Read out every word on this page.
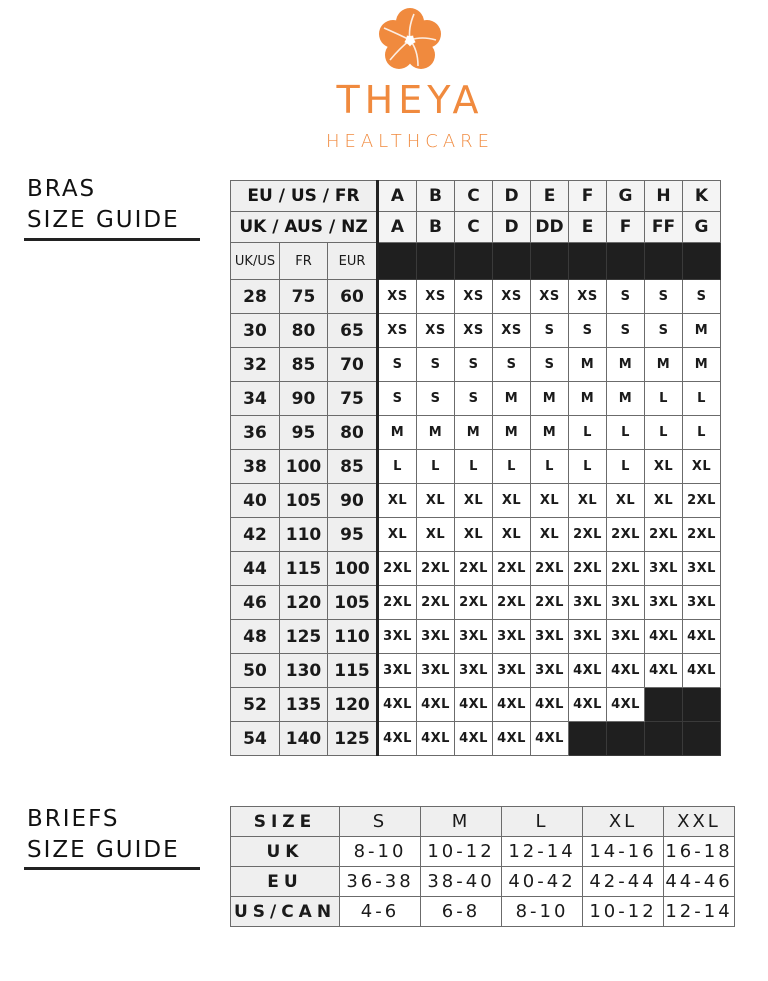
THEYA
HEALTHCARE
BRAS
SIZE GUIDE
EU / US / FR			A	B	C	D	E	F	G	H	K
UK / AUS / NZ			A	B	C	D	DD	E	F	FF	G
UK/US	FR	EUR									
28	75	60	XS	XS	XS	XS	XS	XS	S	S	S
30	80	65	XS	XS	XS	XS	S	S	S	S	M
32	85	70	S	S	S	S	S	M	M	M	M
34	90	75	S	S	S	M	M	M	M	L	L
36	95	80	M	M	M	M	M	L	L	L	L
38	100	85	L	L	L	L	L	L	L	XL	XL
40	105	90	XL	XL	XL	XL	XL	XL	XL	XL	2XL
42	110	95	XL	XL	XL	XL	XL	2XL	2XL	2XL	2XL
44	115	100	2XL	2XL	2XL	2XL	2XL	2XL	2XL	3XL	3XL
46	120	105	2XL	2XL	2XL	2XL	2XL	3XL	3XL	3XL	3XL
48	125	110	3XL	3XL	3XL	3XL	3XL	3XL	3XL	4XL	4XL
50	130	115	3XL	3XL	3XL	3XL	3XL	4XL	4XL	4XL	4XL
52	135	120	4XL	4XL	4XL	4XL	4XL	4XL	4XL		
54	140	125	4XL	4XL	4XL	4XL	4XL				
BRIEFS
SIZE GUIDE
SIZE	S	M	L	XL	XXL
UK	8-10	10-12	12-14	14-16	16-18
EU	36-38	38-40	40-42	42-44	44-46
US/CAN	4-6	6-8	8-10	10-12	12-14
